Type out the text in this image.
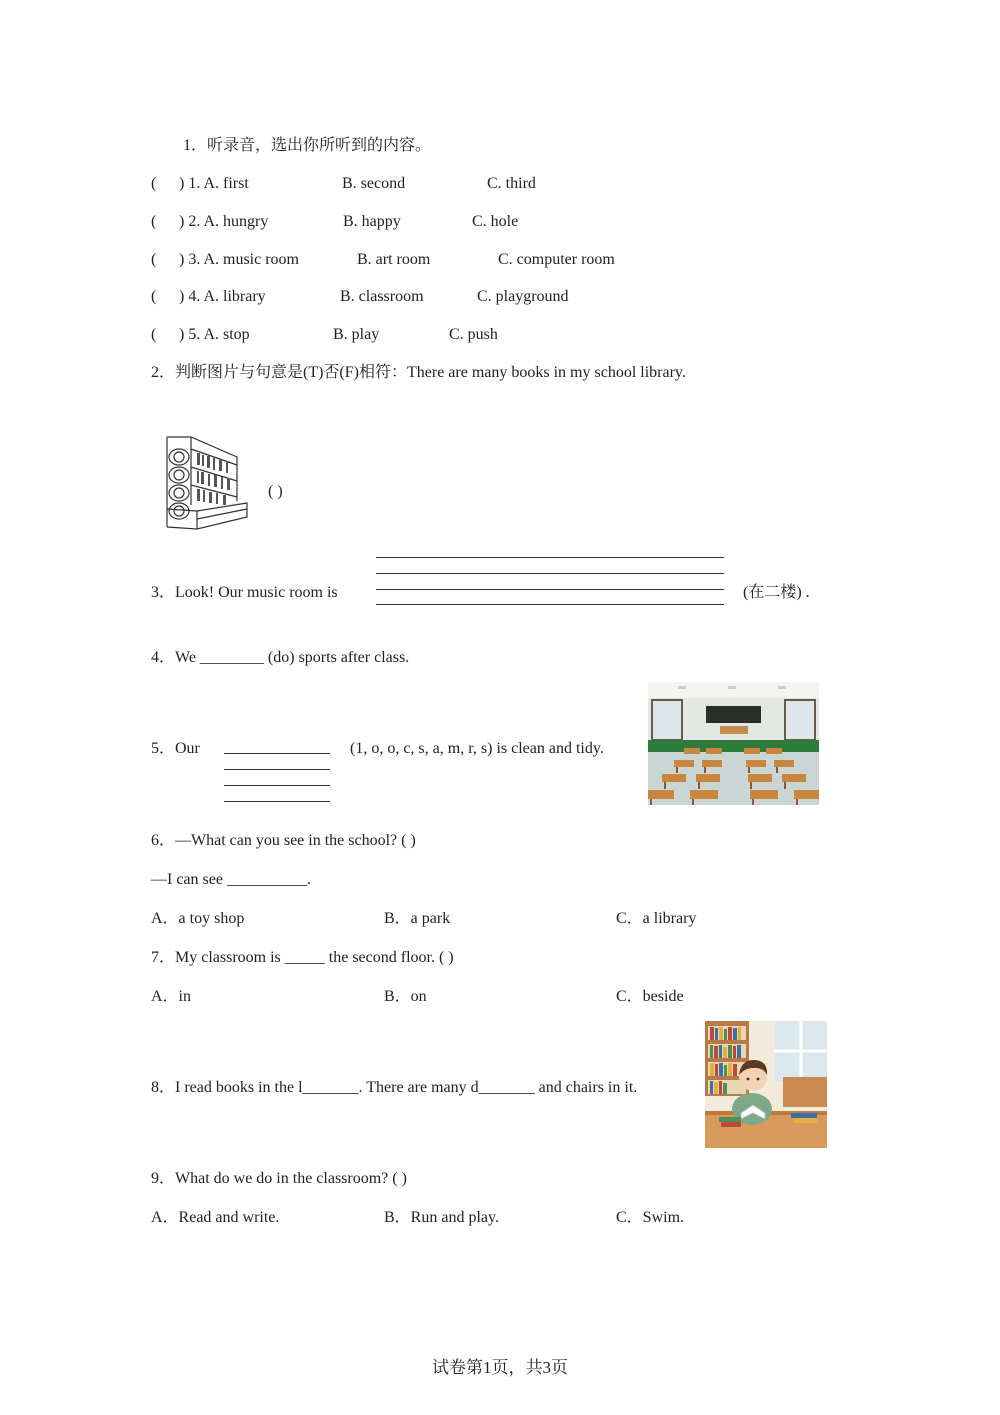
1．听录音，选出你所听到的内容。
( ) 1. A. first	B. second	C. third
( ) 2. A. hungry	B. happy	C. hole
( ) 3. A. music room	B. art room	C. computer room
( ) 4. A. library	B. classroom	C. playground
( ) 5. A. stop	B. play	C. push
2．判断图片与句意是(T)否(F)相符：There are many books in my school library.
( )
3．Look! Our music room is	(在二楼) .
4．We ________ (do) sports after class.
5．Our	(1, o, o, c, s, a, m, r, s) is clean and tidy.
6．—What can you see in the school? ( )
—I can see __________.
A．a toy shop	B．a park	C．a library
7．My classroom is _____ the second floor. ( )
A．in	B．on	C．beside
8．I read books in the l_______. There are many d_______ and chairs in it.
9．What do we do in the classroom? ( )
A．Read and write.	B．Run and play.	C．Swim.
试卷第1页，共3页
